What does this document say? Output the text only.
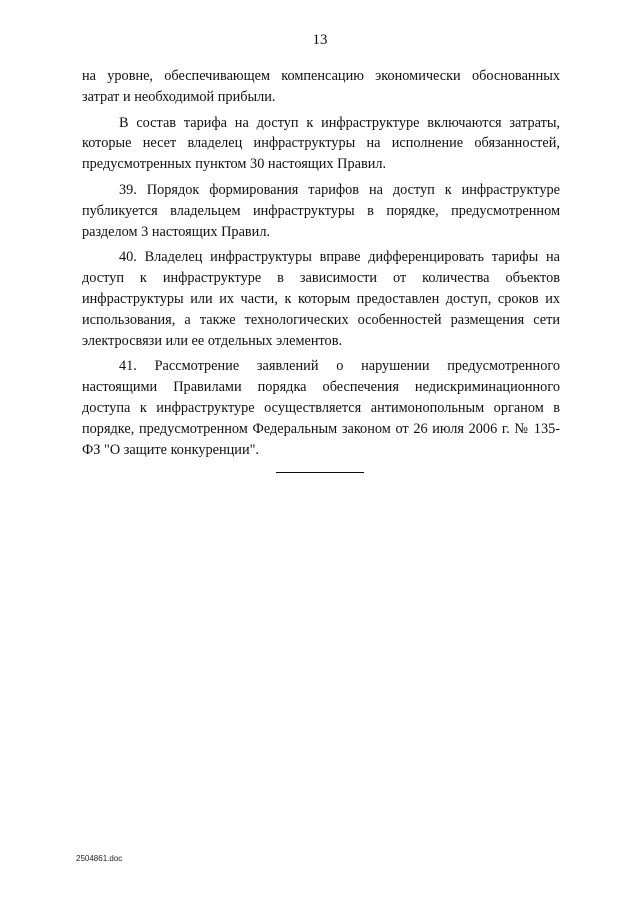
13

на уровне, обеспечивающем компенсацию экономически обоснованных затрат и необходимой прибыли.

В состав тарифа на доступ к инфраструктуре включаются затраты, которые несет владелец инфраструктуры на исполнение обязанностей, предусмотренных пунктом 30 настоящих Правил.

39. Порядок формирования тарифов на доступ к инфраструктуре публикуется владельцем инфраструктуры в порядке, предусмотренном разделом 3 настоящих Правил.

40. Владелец инфраструктуры вправе дифференцировать тарифы на доступ к инфраструктуре в зависимости от количества объектов инфраструктуры или их части, к которым предоставлен доступ, сроков их использования, а также технологических особенностей размещения сети электросвязи или ее отдельных элементов.

41. Рассмотрение заявлений о нарушении предусмотренного настоящими Правилами порядка обеспечения недискриминационного доступа к инфраструктуре осуществляется антимонопольным органом в порядке, предусмотренном Федеральным законом от 26 июля 2006 г. № 135-ФЗ "О защите конкуренции".

2504861.doc
